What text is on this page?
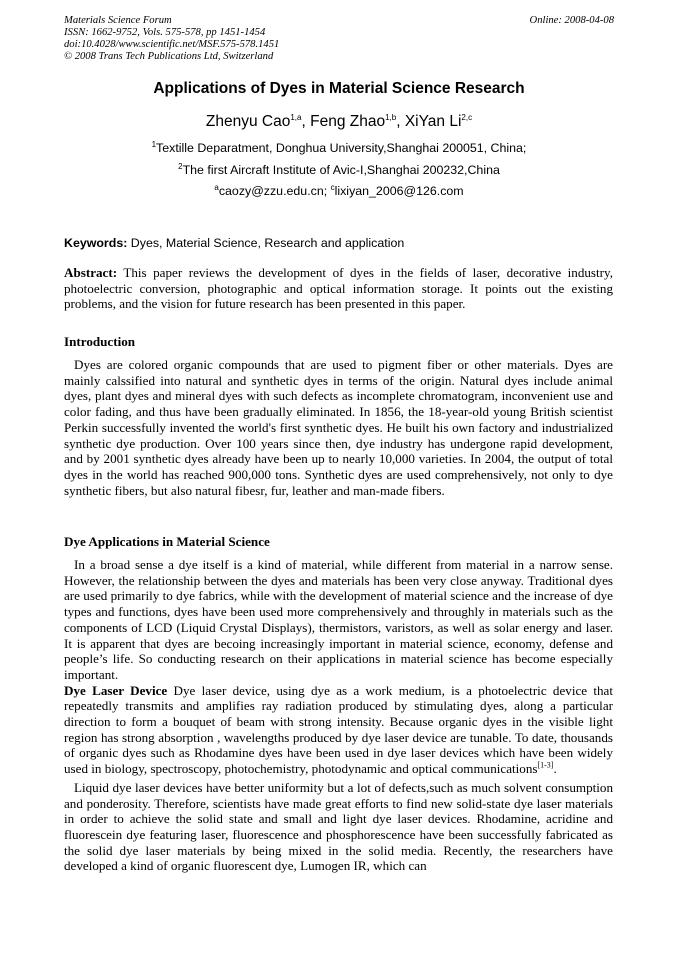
Materials Science Forum
ISSN: 1662-9752, Vols. 575-578, pp 1451-1454
doi:10.4028/www.scientific.net/MSF.575-578.1451
© 2008 Trans Tech Publications Ltd, Switzerland
Online: 2008-04-08
Applications of Dyes in Material Science Research
Zhenyu Cao$^{1,a}$, Feng Zhao$^{1,b}$, XiYan Li$^{2,c}$
$^1$Textille Deparatment, Donghua University,Shanghai 200051, China;
$^2$The first Aircraft Institute of Avic-I,Shanghai 200232,China
$^a$caozy@zzu.edu.cn; $^c$lixiyan_2006@126.com
Keywords: Dyes, Material Science, Research and application

Abstract: This paper reviews the development of dyes in the fields of laser, decorative industry, photoelectric conversion, photographic and optical information storage. It points out the existing problems, and the vision for future research has been presented in this paper.

Introduction

Dyes are colored organic compounds that are used to pigment fiber or other materials. Dyes are mainly calssified into natural and synthetic dyes in terms of the origin. Natural dyes include animal dyes, plant dyes and mineral dyes with such defects as incomplete chromatogram, inconvenient use and color fading, and thus have been gradually eliminated. In 1856, the 18-year-old young British scientist Perkin successfully invented the world's first synthetic dyes. He built his own factory and industrialized synthetic dye production. Over 100 years since then, dye industry has undergone rapid development, and by 2001 synthetic dyes already have been up to nearly 10,000 varieties. In 2004, the output of total dyes in the world has reached 900,000 tons. Synthetic dyes are used comprehensively, not only to dye synthetic fibers, but also natural fibesr, fur, leather and man-made fibers.

Dye Applications in Material Science

In a broad sense a dye itself is a kind of material, while different from material in a narrow sense. However, the relationship between the dyes and materials has been very close anyway. Traditional dyes are used primarily to dye fabrics, while with the development of material science and the increase of dye types and functions, dyes have been used more comprehensively and throughly in materials such as the components of LCD (Liquid Crystal Displays), thermistors, varistors, as well as solar energy and laser. It is apparent that dyes are becoing increasingly important in material science, economy, defense and people’s life. So conducting research on their applications in material science has become especially important.

Dye Laser Device Dye laser device, using dye as a work medium, is a photoelectric device that repeatedly transmits and amplifies ray radiation produced by stimulating dyes, along a particular direction to form a bouquet of beam with strong intensity. Because organic dyes in the visible light region has strong absorption , wavelengths produced by dye laser device are tunable. To date, thousands of organic dyes such as Rhodamine dyes have been used in dye laser devices which have been widely used in biology, spectroscopy, photochemistry, photodynamic and optical communications[1-3].

Liquid dye laser devices have better uniformity but a lot of defects,such as much solvent consumption and ponderosity. Therefore, scientists have made great efforts to find new solid-state dye laser materials in order to achieve the solid state and small and light dye laser devices. Rhodamine, acridine and fluorescein dye featuring laser, fluorescence and phosphorescence have been successfully fabricated as the solid dye laser materials by being mixed in the solid media. Recently, the researchers have developed a kind of organic fluorescent dye, Lumogen IR, which can
